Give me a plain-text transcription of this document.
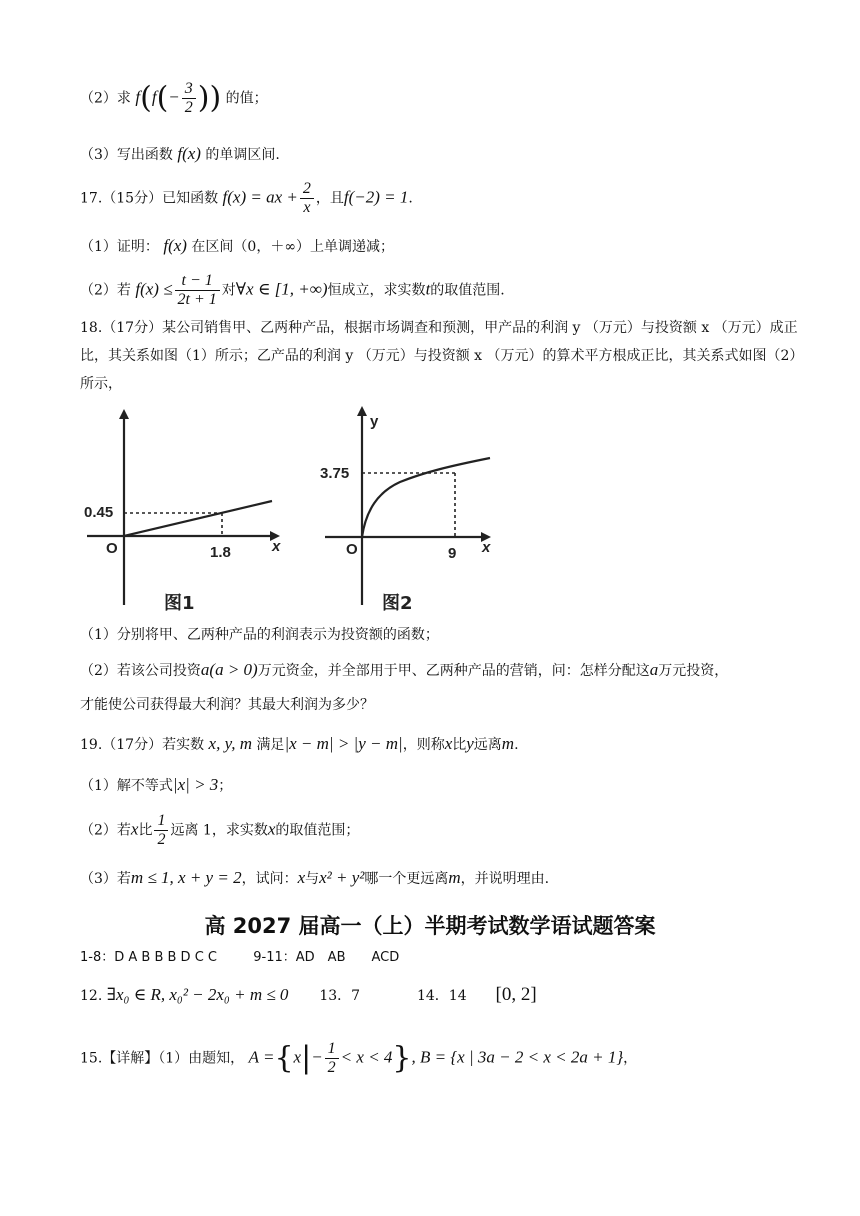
（2）求 $f(f(- \frac{3}{2}$ )) 的值；
（3）写出函数 f(x) 的单调区间.
17.（15分）已知函数 f(x) = ax + $\frac{2}{x}$ ，且f(−2) = 1.
（1）证明： f(x) 在区间（0，＋∞）上单调递减；
（2）若 $f(x) \le \frac{t - 1}{2t + 1}$ 对∀x ∈ [1, +∞)恒成立，求实数t的取值范围.
18.（17分）某公司销售甲、乙两种产品，根据市场调查和预测，甲产品的利润 y （万元）与投资额 x （万元）成正比，其关系如图（1）所示；乙产品的利润 y （万元）与投资额 x （万元）的算术平方根成正比，其关系式如图（2）所示，
0.45
O	1.8	x
图1
3.75
O	9 x
y
图2
（1）分别将甲、乙两种产品的利润表示为投资额的函数；
（2）若该公司投资a(a > 0)万元资金，并全部用于甲、乙两种产品的营销，问：怎样分配这a万元投资，
才能使公司获得最大利润？其最大利润为多少？
19.（17分）若实数 x, y, m 满足|x − m| > |y − m|，则称x比y远离m.
（1）解不等式|x| > 3；
（2）若x比 $\frac{1}{2}$ 远离 1，求实数x的取值范围；
（3）若m ≤ 1, x + y = 2，试问：x与x² + y²哪一个更远离m，并说明理由.
高 2027 届高一（上）半期考试数学语试题答案
1-8：D A B B B D C C	9-11：AD　AB　　ACD
12. ∃x₀ ∈ R, x₀² − 2x₀ + m ≤ 0 13．7	14．14 [0, 2]
15.【详解】（1）由题知， $A =\{x|- \frac{1}{2} < x < 4\}$, B = {x | 3a − 2 < x < 2a + 1}，
